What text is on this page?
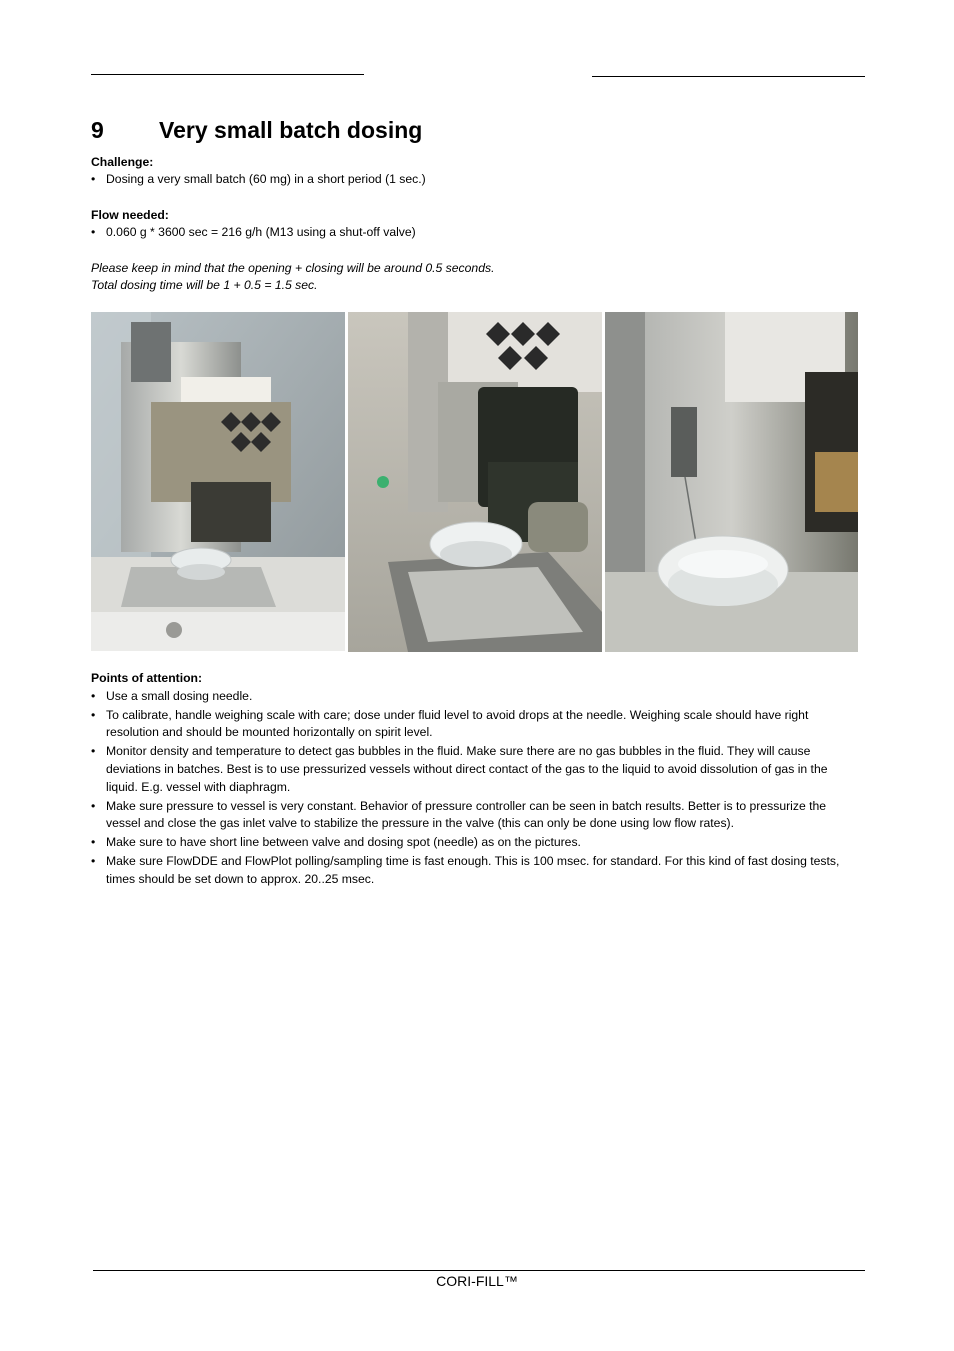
9 Very small batch dosing

Challenge:

• Dosing a very small batch (60 mg) in a short period (1 sec.)

Flow needed:

• 0.060 g * 3600 sec = 216 g/h (M13 using a shut-off valve)

Please keep in mind that the opening + closing will be around 0.5 seconds.

Total dosing time will be 1 + 0.5 = 1.5 sec.

Points of attention:

• Use a small dosing needle.
• To calibrate, handle weighing scale with care; dose under fluid level to avoid drops at the needle. Weighing scale should have right resolution and should be mounted horizontally on spirit level.
• Monitor density and temperature to detect gas bubbles in the fluid. Make sure there are no gas bubbles in the fluid. They will cause deviations in batches. Best is to use pressurized vessels without direct contact of the gas to the liquid to avoid dissolution of gas in the liquid. E.g. vessel with diaphragm.
• Make sure pressure to vessel is very constant. Behavior of pressure controller can be seen in batch results. Better is to pressurize the vessel and close the gas inlet valve to stabilize the pressure in the valve (this can only be done using low flow rates).
• Make sure to have short line between valve and dosing spot (needle) as on the pictures.
• Make sure FlowDDE and FlowPlot polling/sampling time is fast enough. This is 100 msec. for standard. For this kind of fast dosing tests, times should be set down to approx. 20..25 msec.
CORI-FILL™
